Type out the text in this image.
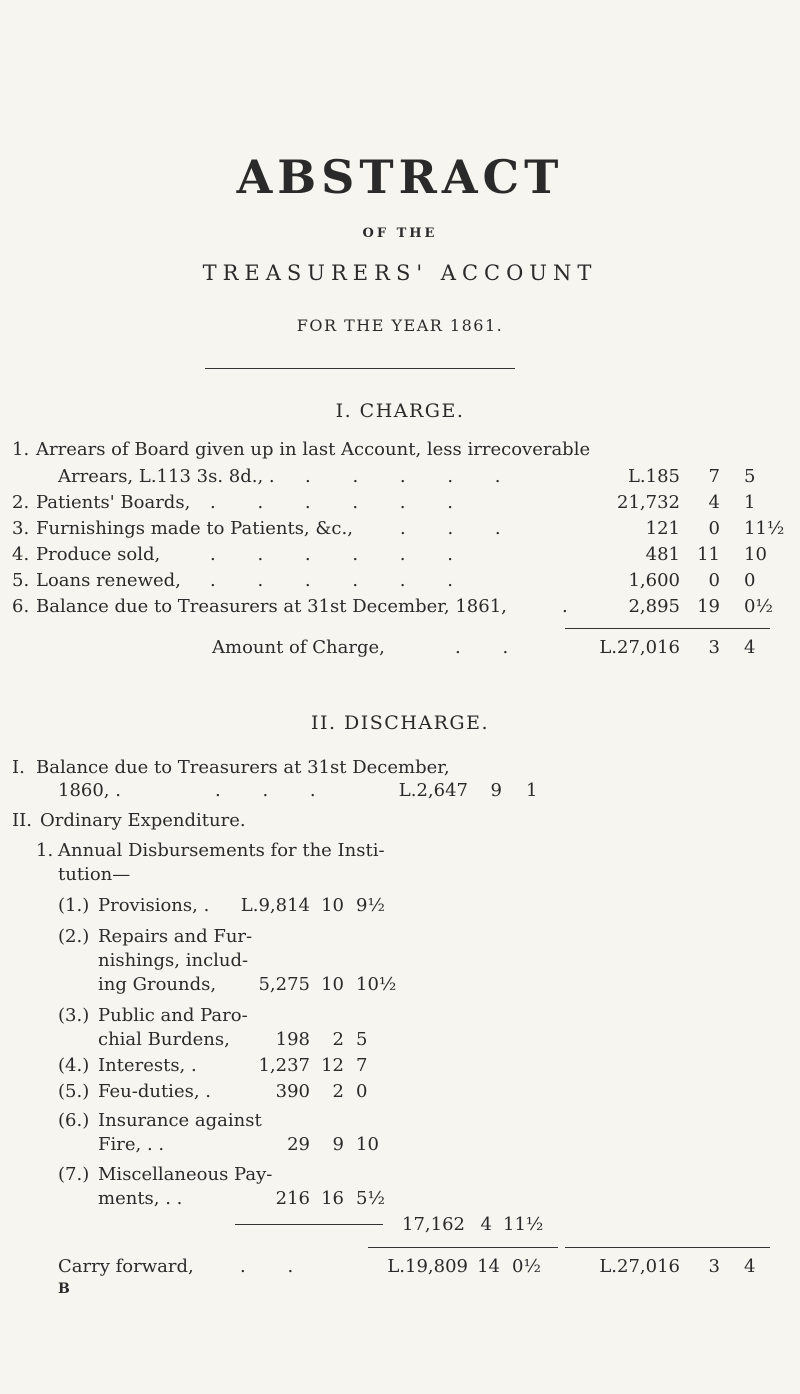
ABSTRACT
OF THE
TREASURERS' ACCOUNT
FOR THE YEAR 1861.
I. CHARGE.
1. Arrears of Board given up in last Account, less irrecoverable
Arrears, L.113 3s. 8d., . . . . . .	L.185	7 5
2. Patients' Boards, . . . . . .	21,732	4 1
3. Furnishings made to Patients, &c.,	. . .	121	0 11½
4. Produce sold,	. . . . . .	481 11 10
5. Loans renewed, . . . . . .	1,600	0 0
6. Balance due to Treasurers at 31st December, 1861,	.	2,895 19 0½
Amount of Charge,	. .	L.27,016	3 4
II. DISCHARGE.
I. Balance due to Treasurers at 31st December,
1860, .	. . .	L.2,647	9 1
II. Ordinary Expenditure.
1. Annual Disbursements for the Insti-
tution—
(1.) Provisions, .	L.9,814 10 9½
(2.) Repairs and Fur-
nishings, includ-
ing Grounds,	5,275 10 10½
(3.) Public and Paro-
chial Burdens,	198	2 5
(4.) Interests, .	1,237 12 7
(5.) Feu-duties, .	390	2 0
(6.) Insurance against
Fire, . .	29	9 10
(7.) Miscellaneous Pay-
ments, . .	216 16 5½
17,162 4 11½
Carry forward,	. .	L.19,809 14 0½	L.27,016	3 4
B
